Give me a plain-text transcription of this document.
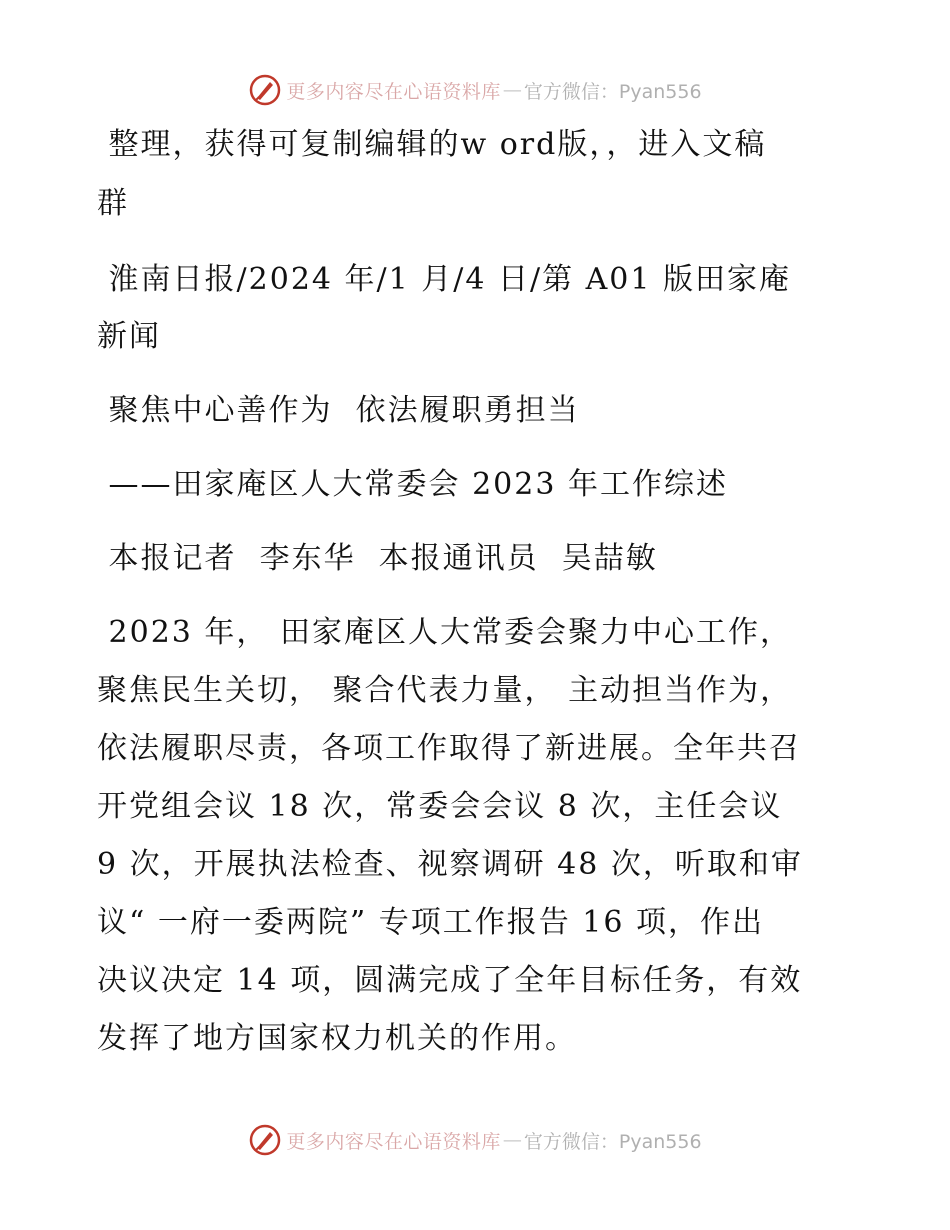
更多内容尽在心语资料库 — 官方微信：Pyan556
整理，获得可复制编辑的w ord版，，进入文稿
群
淮南日报/2024 年/1 月/4 日/第 A01 版田家庵
新闻
聚焦中心善作为  依法履职勇担当
——田家庵区人大常委会 2023 年工作综述
本报记者  李东华  本报通讯员  吴喆敏
2023 年， 田家庵区人大常委会聚力中心工作，
聚焦民生关切， 聚合代表力量， 主动担当作为，
依法履职尽责，各项工作取得了新进展。全年共召
开党组会议 18 次，常委会会议 8 次，主任会议
9 次，开展执法检查、视察调研 48 次，听取和审
议“ 一府一委两院” 专项工作报告 16 项，作出
决议决定 14 项，圆满完成了全年目标任务，有效
发挥了地方国家权力机关的作用。
更多内容尽在心语资料库 — 官方微信：Pyan556
